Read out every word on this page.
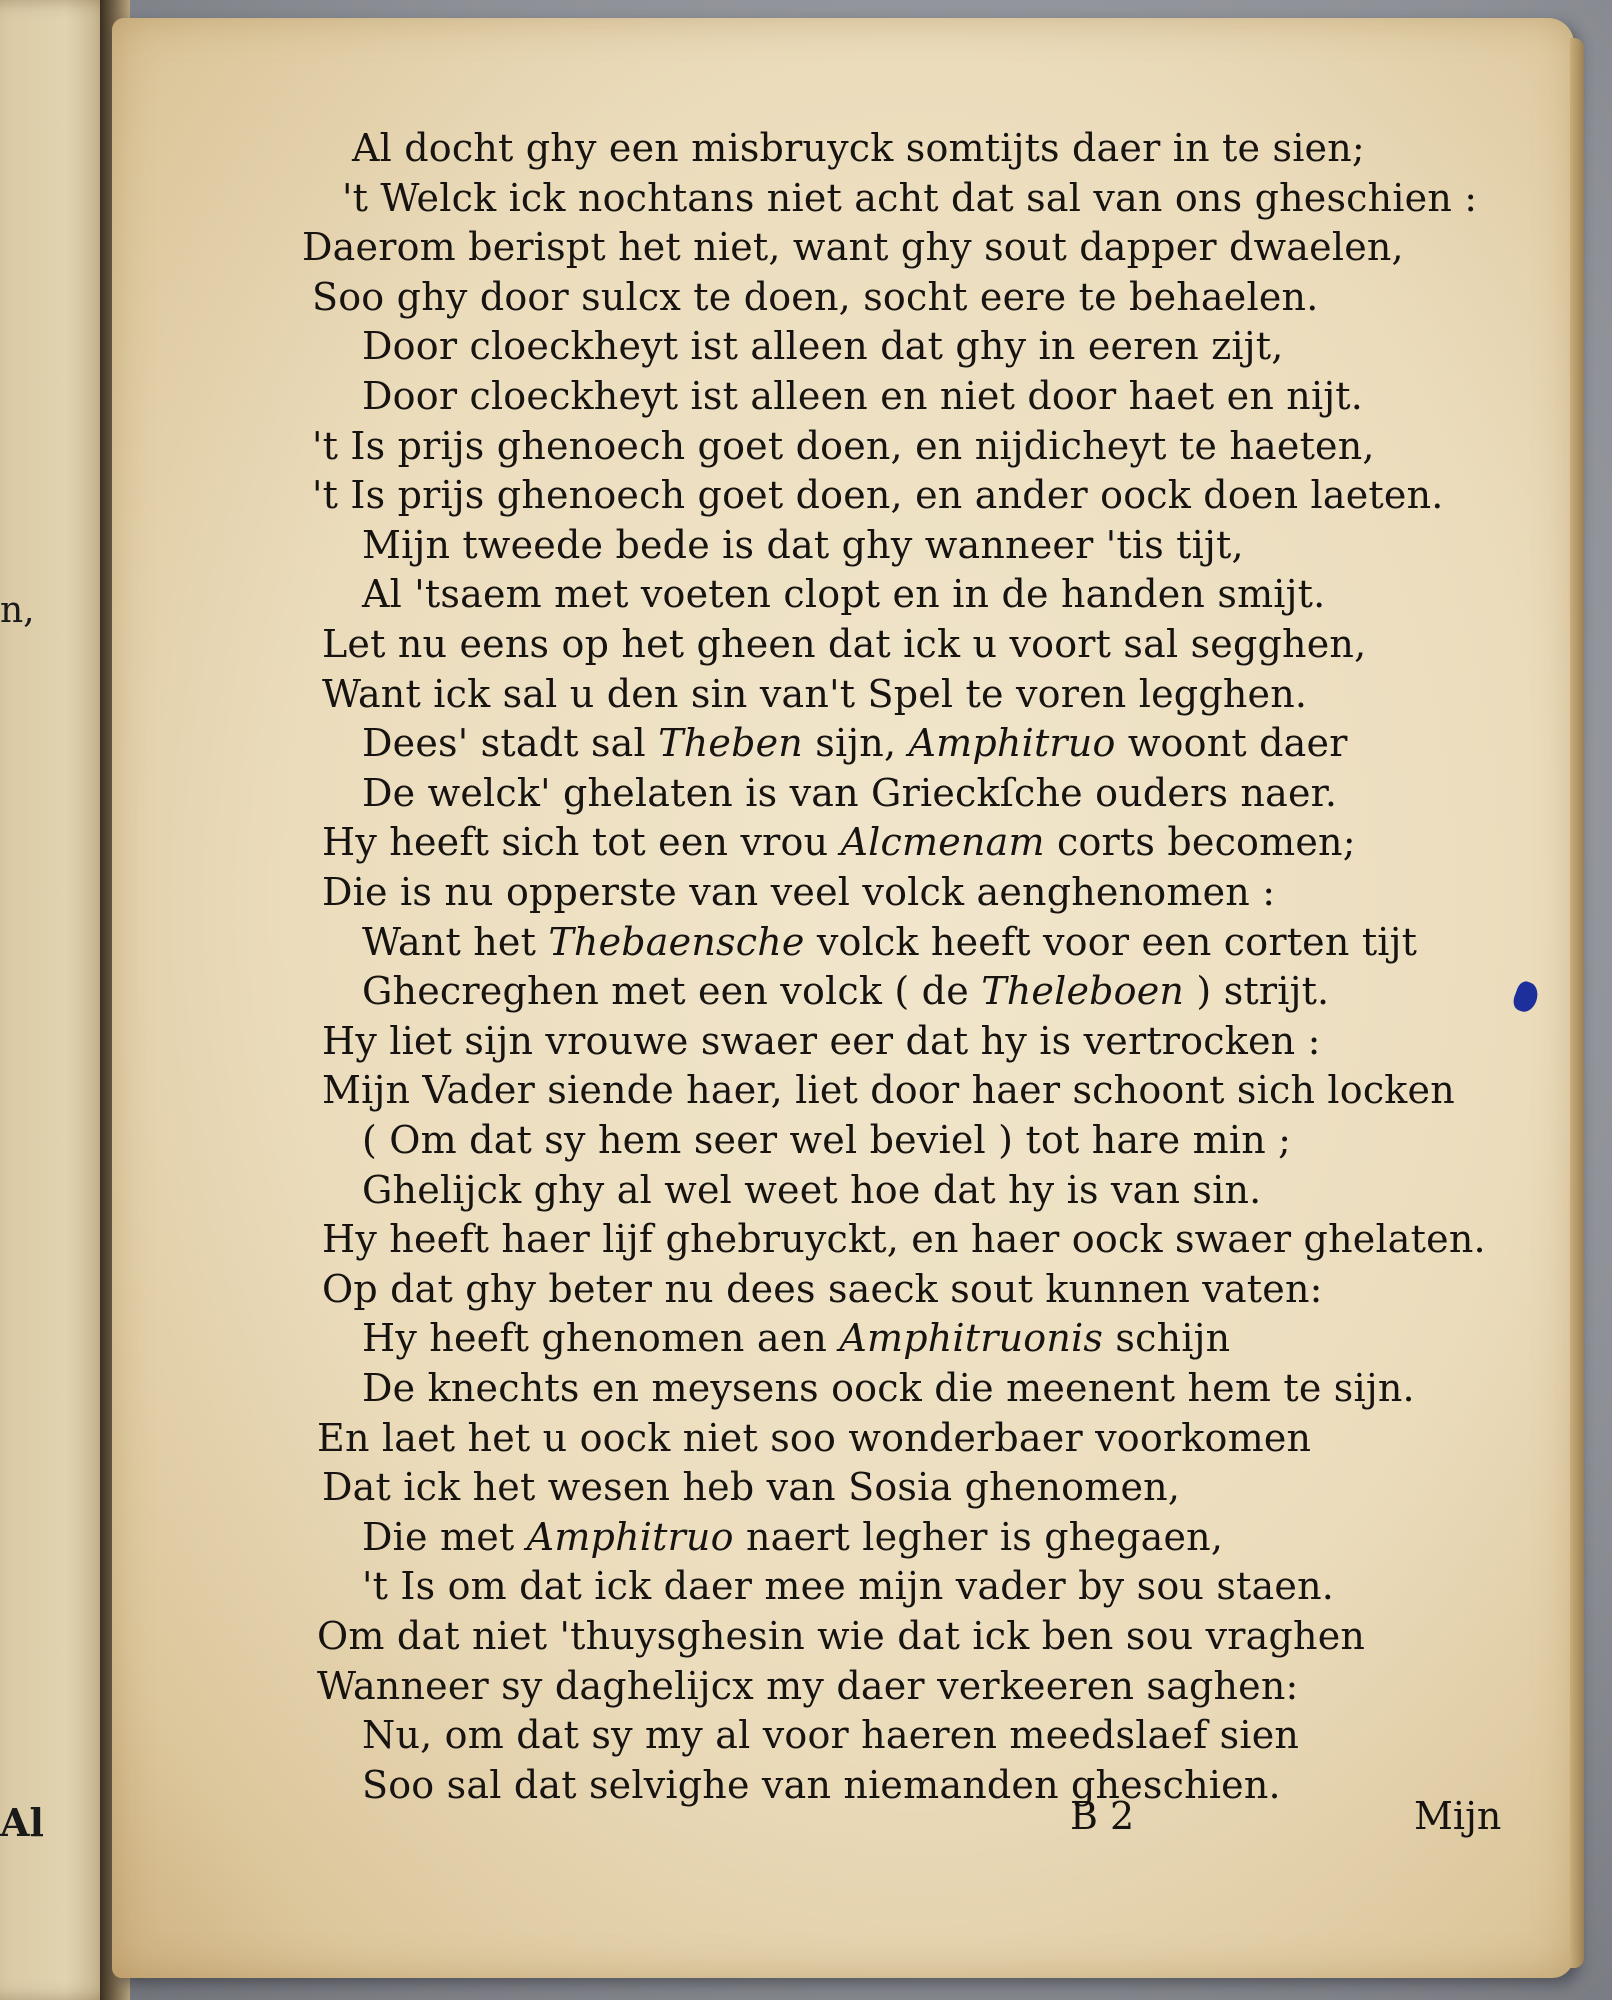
n,
Al
Al docht ghy een misbruyck somtijts daer in te sien;
't Welck ick nochtans niet acht dat sal van ons gheschien :
Daerom berispt het niet, want ghy sout dapper dwaelen,
Soo ghy door sulcx te doen, socht eere te behaelen.
Door cloeckheyt ist alleen dat ghy in eeren zijt,
Door cloeckheyt ist alleen en niet door haet en nijt.
't Is prijs ghenoech goet doen, en nijdicheyt te haeten,
't Is prijs ghenoech goet doen, en ander oock doen laeten.
Mijn tweede bede is dat ghy wanneer 'tis tijt,
Al 'tsaem met voeten clopt en in de handen smijt.
Let nu eens op het gheen dat ick u voort sal segghen,
Want ick sal u den sin van't Spel te voren legghen.
Dees' stadt sal Theben sijn, Amphitruo woont daer
De welck' ghelaten is van Grieckſche ouders naer.
Hy heeft sich tot een vrou Alcmenam corts becomen;
Die is nu opperste van veel volck aenghenomen :
Want het Thebaensche volck heeft voor een corten tijt
Ghecreghen met een volck ( de Theleboen ) strijt.
Hy liet sijn vrouwe swaer eer dat hy is vertrocken :
Mijn Vader siende haer, liet door haer schoont sich locken
( Om dat sy hem seer wel beviel ) tot hare min ;
Ghelijck ghy al wel weet hoe dat hy is van sin.
Hy heeft haer lijf ghebruyckt, en haer oock swaer ghelaten.
Op dat ghy beter nu dees saeck sout kunnen vaten:
Hy heeft ghenomen aen Amphitruonis schijn
De knechts en meysens oock die meenent hem te sijn.
En laet het u oock niet soo wonderbaer voorkomen
Dat ick het wesen heb van Sosia ghenomen,
Die met Amphitruo naert legher is ghegaen,
't Is om dat ick daer mee mijn vader by sou staen.
Om dat niet 'thuysghesin wie dat ick ben sou vraghen
Wanneer sy daghelijcx my daer verkeeren saghen:
Nu, om dat sy my al voor haeren meedslaef sien
Soo sal dat selvighe van niemanden gheschien.
B 2	Mijn
